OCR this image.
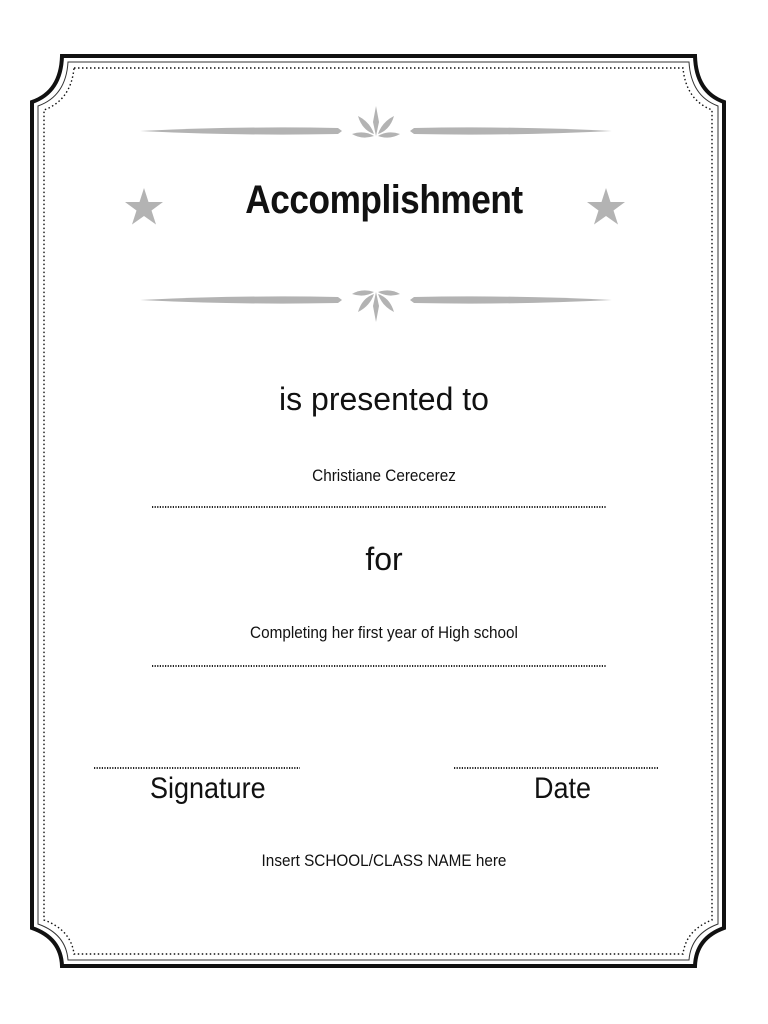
Accomplishment
is presented to
Christiane Cerecerez
for
Completing her first year of High school
Signature	Date
Insert SCHOOL/CLASS NAME here
